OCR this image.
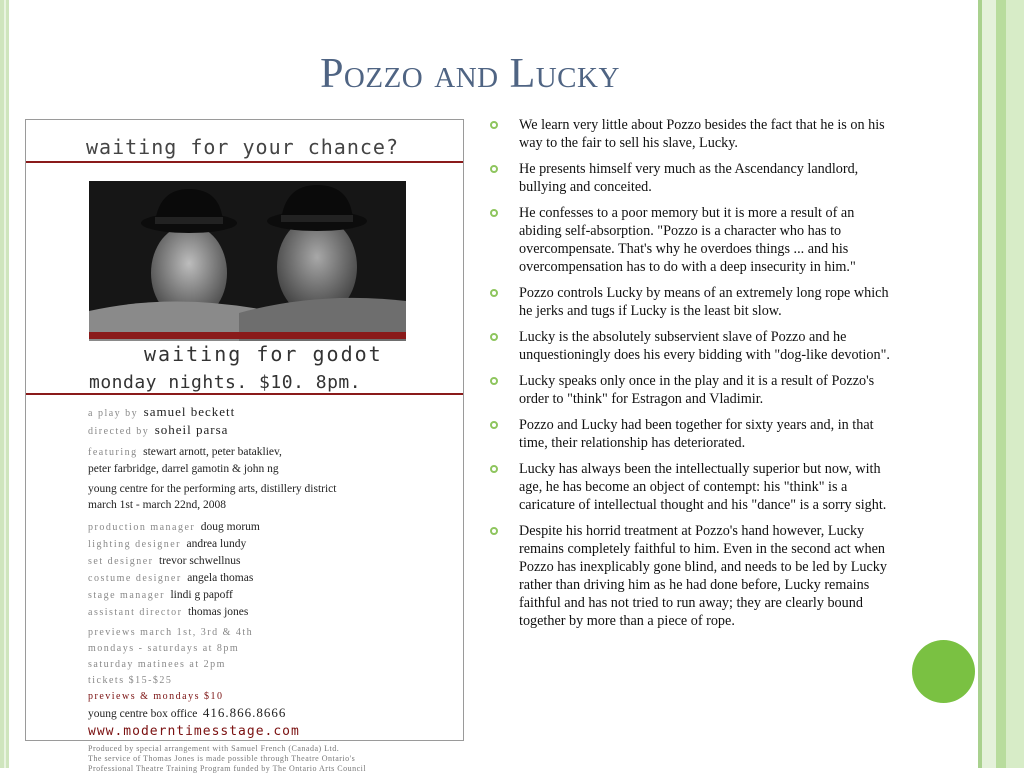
Pozzo and Lucky
waiting for your chance?
waiting for godot
monday nights. $10. 8pm.
a play by samuel beckett
directed by soheil parsa
featuring stewart arnott, peter batakliev,
peter farbridge, darrel gamotin & john ng
young centre for the performing arts, distillery district
march 1st - march 22nd, 2008
production manager doug morum
lighting designer andrea lundy
set designer trevor schwellnus
costume designer angela thomas
stage manager lindi g papoff
assistant director thomas jones
previews march 1st, 3rd & 4th
mondays - saturdays at 8pm
saturday matinees at 2pm
tickets $15-$25
previews & mondays $10
young centre box office 416.866.8666
www.moderntimesstage.com
Produced by special arrangement with Samuel French (Canada) Ltd.
The service of Thomas Jones is made possible through Theatre Ontario's
Professional Theatre Training Program funded by The Ontario Arts Council
We learn very little about Pozzo besides the fact that he is on his way to the fair to sell his slave, Lucky.
He presents himself very much as the Ascendancy landlord, bullying and conceited.
He confesses to a poor memory but it is more a result of an abiding self-absorption. "Pozzo is a character who has to overcompensate. That's why he overdoes things ... and his overcompensation has to do with a deep insecurity in him."
Pozzo controls Lucky by means of an extremely long rope which he jerks and tugs if Lucky is the least bit slow.
Lucky is the absolutely subservient slave of Pozzo and he unquestioningly does his every bidding with "dog-like devotion".
Lucky speaks only once in the play and it is a result of Pozzo's order to "think" for Estragon and Vladimir.
Pozzo and Lucky had been together for sixty years and, in that time, their relationship has deteriorated.
Lucky has always been the intellectually superior but now, with age, he has become an object of contempt: his "think" is a caricature of intellectual thought and his "dance" is a sorry sight.
Despite his horrid treatment at Pozzo's hand however, Lucky remains completely faithful to him. Even in the second act when Pozzo has inexplicably gone blind, and needs to be led by Lucky rather than driving him as he had done before, Lucky remains faithful and has not tried to run away; they are clearly bound together by more than a piece of rope.
